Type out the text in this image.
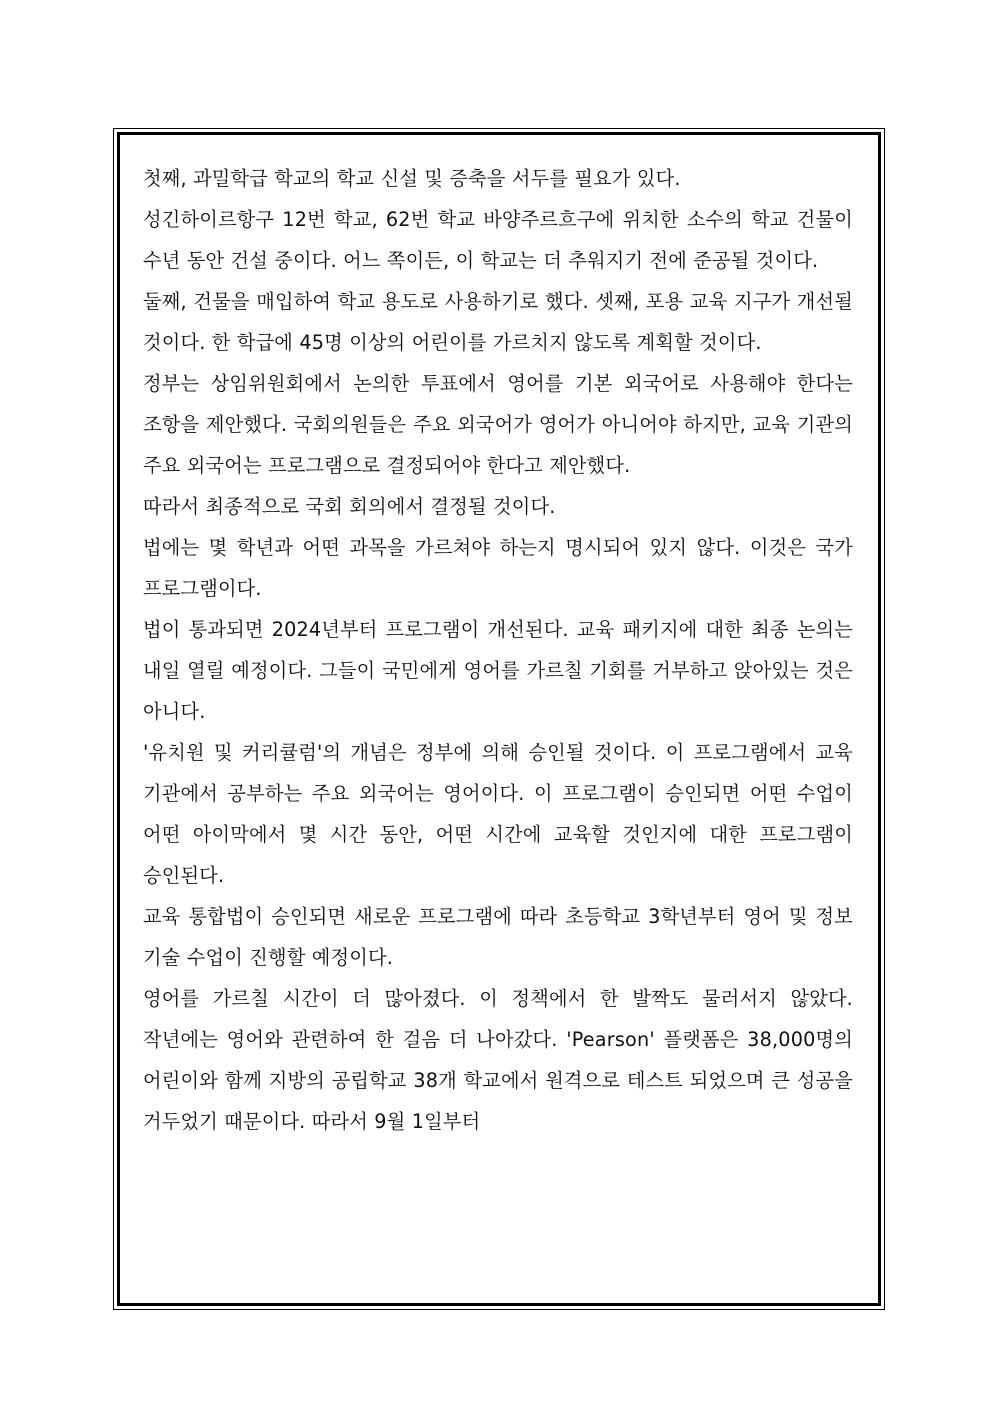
첫째, 과밀학급 학교의 학교 신설 및 증축을 서두를 필요가 있다.

성긴하이르항구 12번 학교, 62번 학교 바양주르흐구에 위치한 소수의 학교 건물이 수년 동안 건설 중이다. 어느 쪽이든, 이 학교는 더 추워지기 전에 준공될 것이다.

둘째, 건물을 매입하여 학교 용도로 사용하기로 했다. 셋째, 포용 교육 지구가 개선될 것이다. 한 학급에 45명 이상의 어린이를 가르치지 않도록 계획할 것이다.

정부는 상임위원회에서 논의한 투표에서 영어를 기본 외국어로 사용해야 한다는 조항을 제안했다. 국회의원들은 주요 외국어가 영어가 아니어야 하지만, 교육 기관의 주요 외국어는 프로그램으로 결정되어야 한다고 제안했다.

따라서 최종적으로 국회 회의에서 결정될 것이다.

법에는 몇 학년과 어떤 과목을 가르쳐야 하는지 명시되어 있지 않다. 이것은 국가 프로그램이다.

법이 통과되면 2024년부터 프로그램이 개선된다. 교육 패키지에 대한 최종 논의는 내일 열릴 예정이다. 그들이 국민에게 영어를 가르칠 기회를 거부하고 앉아있는 것은 아니다.

'유치원 및 커리큘럼'의 개념은 정부에 의해 승인될 것이다. 이 프로그램에서 교육 기관에서 공부하는 주요 외국어는 영어이다. 이 프로그램이 승인되면 어떤 수업이 어떤 아이막에서 몇 시간 동안, 어떤 시간에 교육할 것인지에 대한 프로그램이 승인된다.

교육 통합법이 승인되면 새로운 프로그램에 따라 초등학교 3학년부터 영어 및 정보 기술 수업이 진행할 예정이다.

영어를 가르칠 시간이 더 많아졌다. 이 정책에서 한 발짝도 물러서지 않았다. 작년에는 영어와 관련하여 한 걸음 더 나아갔다. 'Pearson' 플랫폼은 38,000명의 어린이와 함께 지방의 공립학교 38개 학교에서 원격으로 테스트 되었으며 큰 성공을 거두었기 때문이다. 따라서 9월 1일부터
